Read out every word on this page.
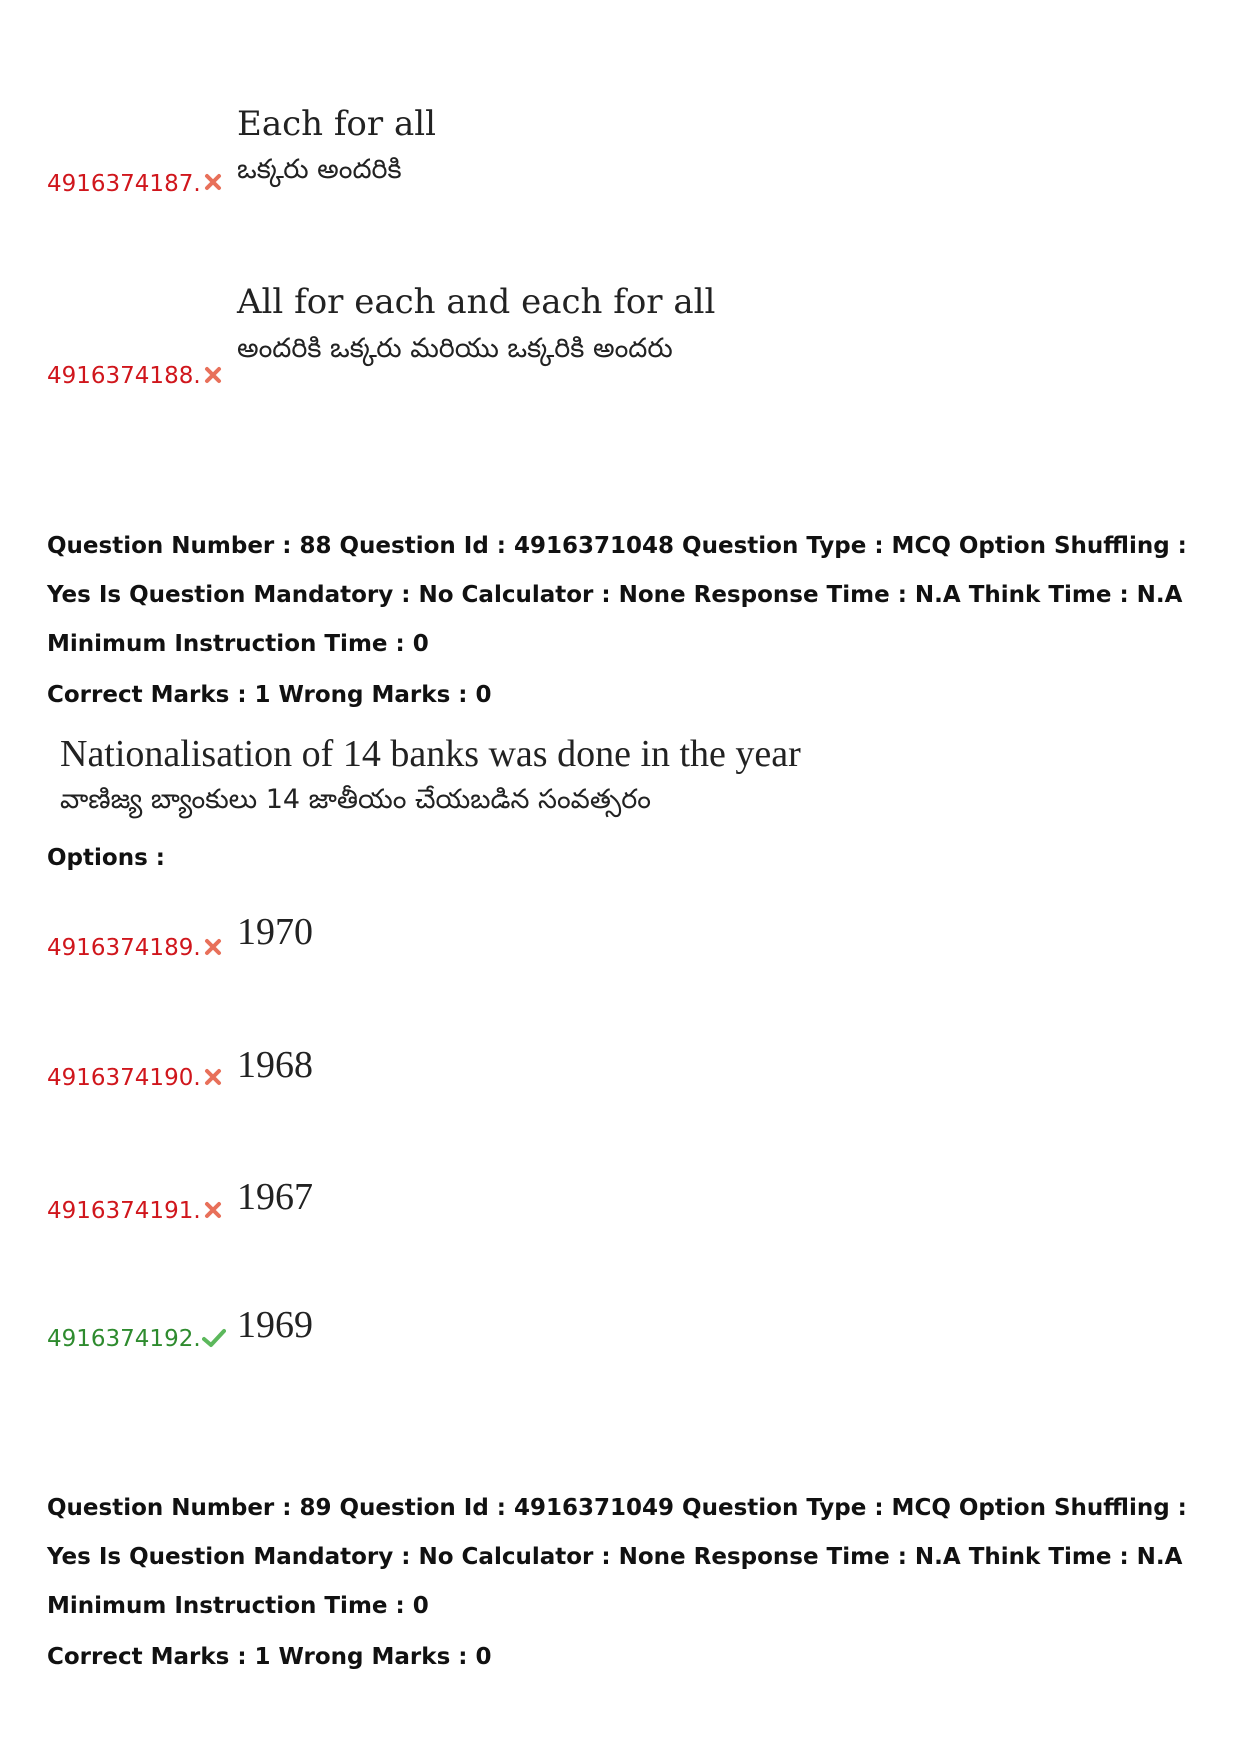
Each for all
ఒక్కరు అందరికి
4916374187.
All for each and each for all
అందరికి ఒక్కరు మరియు ఒక్కరికి అందరు
4916374188.
Question Number : 88 Question Id : 4916371048 Question Type : MCQ Option Shuffling : Yes Is Question Mandatory : No Calculator : None Response Time : N.A Think Time : N.A Minimum Instruction Time : 0
Correct Marks : 1 Wrong Marks : 0
Nationalisation of 14 banks was done in the year
వాణిజ్య బ్యాంకులు 14 జాతీయం చేయబడిన సంవత్సరం
Options :
1970
4916374189.
1968
4916374190.
1967
4916374191.
1969
4916374192.
Question Number : 89 Question Id : 4916371049 Question Type : MCQ Option Shuffling : Yes Is Question Mandatory : No Calculator : None Response Time : N.A Think Time : N.A Minimum Instruction Time : 0
Correct Marks : 1 Wrong Marks : 0
